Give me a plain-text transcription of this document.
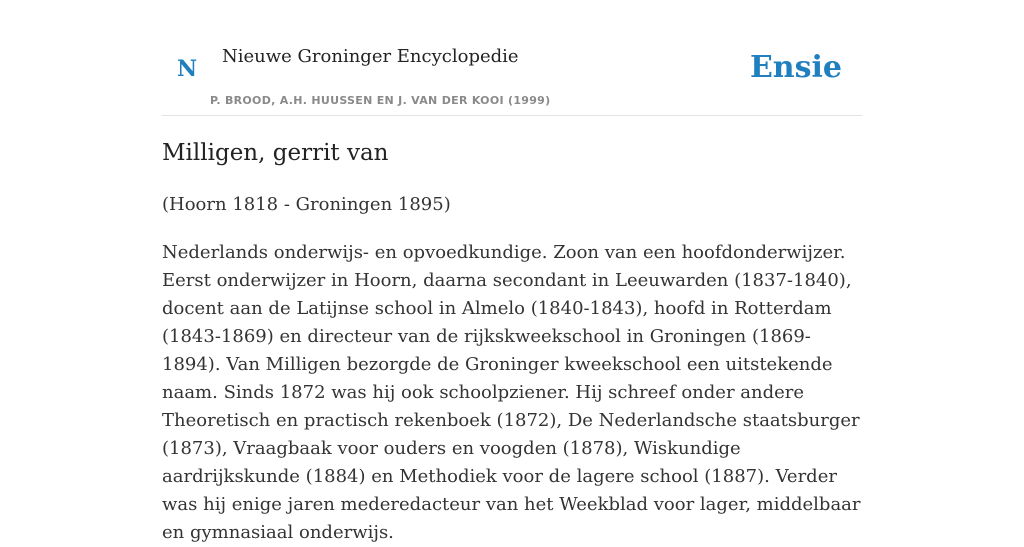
N Nieuwe Groninger Encyclopedie
P. BROOD, A.H. HUUSSEN EN J. VAN DER KOOI (1999)
Ensie
Milligen, gerrit van
(Hoorn 1818 - Groningen 1895)

Nederlands onderwijs- en opvoedkundige. Zoon van een hoofdonderwijzer. Eerst onderwijzer in Hoorn, daarna secondant in Leeuwarden (1837-1840), docent aan de Latijnse school in Almelo (1840-1843), hoofd in Rotterdam (1843-1869) en directeur van de rijkskweekschool in Groningen (1869-1894). Van Milligen bezorgde de Groninger kweekschool een uitstekende naam. Sinds 1872 was hij ook schoolpziener. Hij schreef onder andere Theoretisch en practisch rekenboek (1872), De Nederlandsche staatsburger (1873), Vraagbaak voor ouders en voogden (1878), Wiskundige aardrijkskunde (1884) en Methodiek voor de lagere school (1887). Verder was hij enige jaren mederedacteur van het Weekblad voor lager, middelbaar en gymnasiaal onderwijs.
